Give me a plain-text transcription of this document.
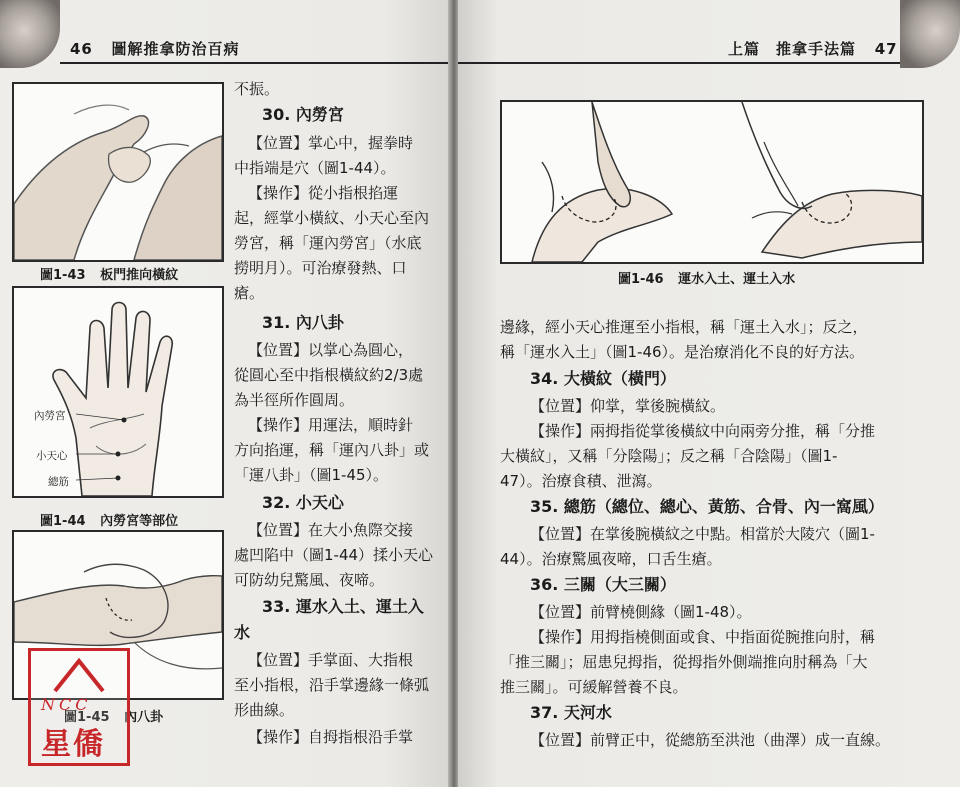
46 圖解推拿防治百病
圖1-43 板門推向橫紋
內勞宮
小天心
總筋
圖1-44 內勞宮等部位
圖1-45 內八卦
不振。
30. 內勞宮
【位置】掌心中，握拳時
中指端是穴（圖1-44）。
【操作】從小指根掐運
起，經掌小橫紋、小天心至內
勞宮，稱「運內勞宮」（水底
撈明月）。可治療發熱、口
瘡。
31. 內八卦
【位置】以掌心為圓心，
從圓心至中指根橫紋約2/3處
為半徑所作圓周。
【操作】用運法，順時針
方向掐運，稱「運內八卦」或
「運八卦」（圖1-45）。
32. 小天心
【位置】在大小魚際交接
處凹陷中（圖1-44）揉小天心
可防幼兒驚風、夜啼。
33. 運水入土、運土入
水
【位置】手掌面、大指根
至小指根，沿手掌邊緣一條弧
形曲線。
【操作】自拇指根沿手掌
NCC
星僑
上篇　推拿手法篇 47
圖1-46 運水入土、運土入水
邊緣，經小天心推運至小指根，稱「運土入水」；反之，
稱「運水入土」（圖1-46）。是治療消化不良的好方法。
34. 大橫紋（橫門）
【位置】仰掌，掌後腕橫紋。
【操作】兩拇指從掌後橫紋中向兩旁分推，稱「分推
大橫紋」，又稱「分陰陽」；反之稱「合陰陽」（圖1-
47）。治療食積、泄瀉。
35. 總筋（總位、總心、黃筋、合骨、內一窩風）
【位置】在掌後腕橫紋之中點。相當於大陵穴（圖1-
44）。治療驚風夜啼，口舌生瘡。
36. 三關（大三關）
【位置】前臂橈側緣（圖1-48）。
【操作】用拇指橈側面或食、中指面從腕推向肘，稱
「推三關」；屈患兒拇指，從拇指外側端推向肘稱為「大
推三關」。可緩解營養不良。
37. 天河水
【位置】前臂正中，從總筋至洪池（曲澤）成一直線。
